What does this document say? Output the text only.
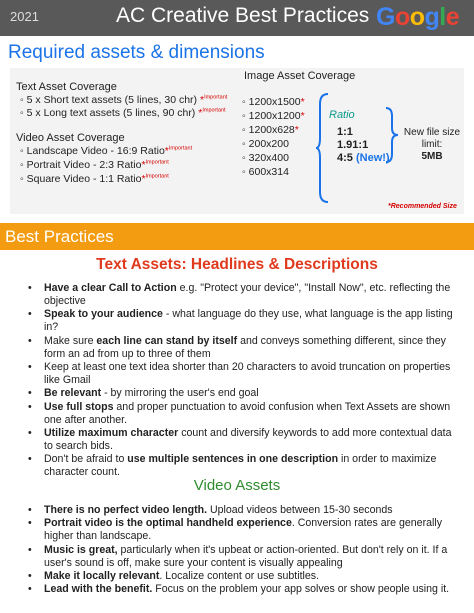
2021	AC Creative Best Practices Google
Required assets & dimensions
Text Asset Coverage
◦ 5 x Short text assets (5 lines, 30 chr) *$^{Important}$
◦ 5 x Long text assets (5 lines, 90 chr) *$^{Important}$
Video Asset Coverage
◦ Landscape Video - 16:9 Ratio*$^{Important}$
◦ Portrait Video - 2:3 Ratio*$^{Important}$
◦ Square Video - 1:1 Ratio*$^{Important}$
Image Asset Coverage
◦ 1200x1500*
◦ 1200x1200*
◦ 1200x628*
◦ 200x200
◦ 320x400
◦ 600x314
Ratio
1:1
1.91:1
4:5 (New!)
New file size
limit:
5MB
*Recommended Size
Best Practices
Text Assets: Headlines & Descriptions
• Have a clear Call to Action e.g. "Protect your device", "Install Now", etc. reflecting the objective
• Speak to your audience - what language do they use, what language is the app listing in?
• Make sure each line can stand by itself and conveys something different, since they form an ad from up to three of them
• Keep at least one text idea shorter than 20 characters to avoid truncation on properties like Gmail
• Be relevant - by mirroring the user's end goal
• Use full stops and proper punctuation to avoid confusion when Text Assets are shown one after another.
• Utilize maximum character count and diversify keywords to add more contextual data to search bids.
• Don't be afraid to use multiple sentences in one description in order to maximize character count.
Video Assets
• There is no perfect video length. Upload videos between 15-30 seconds
• Portrait video is the optimal handheld experience. Conversion rates are generally higher than landscape.
• Music is great, particularly when it's upbeat or action-oriented. But don't rely on it. If a user's sound is off, make sure your content is visually appealing
• Make it locally relevant. Localize content or use subtitles.
• Lead with the benefit. Focus on the problem your app solves or show people using it.
